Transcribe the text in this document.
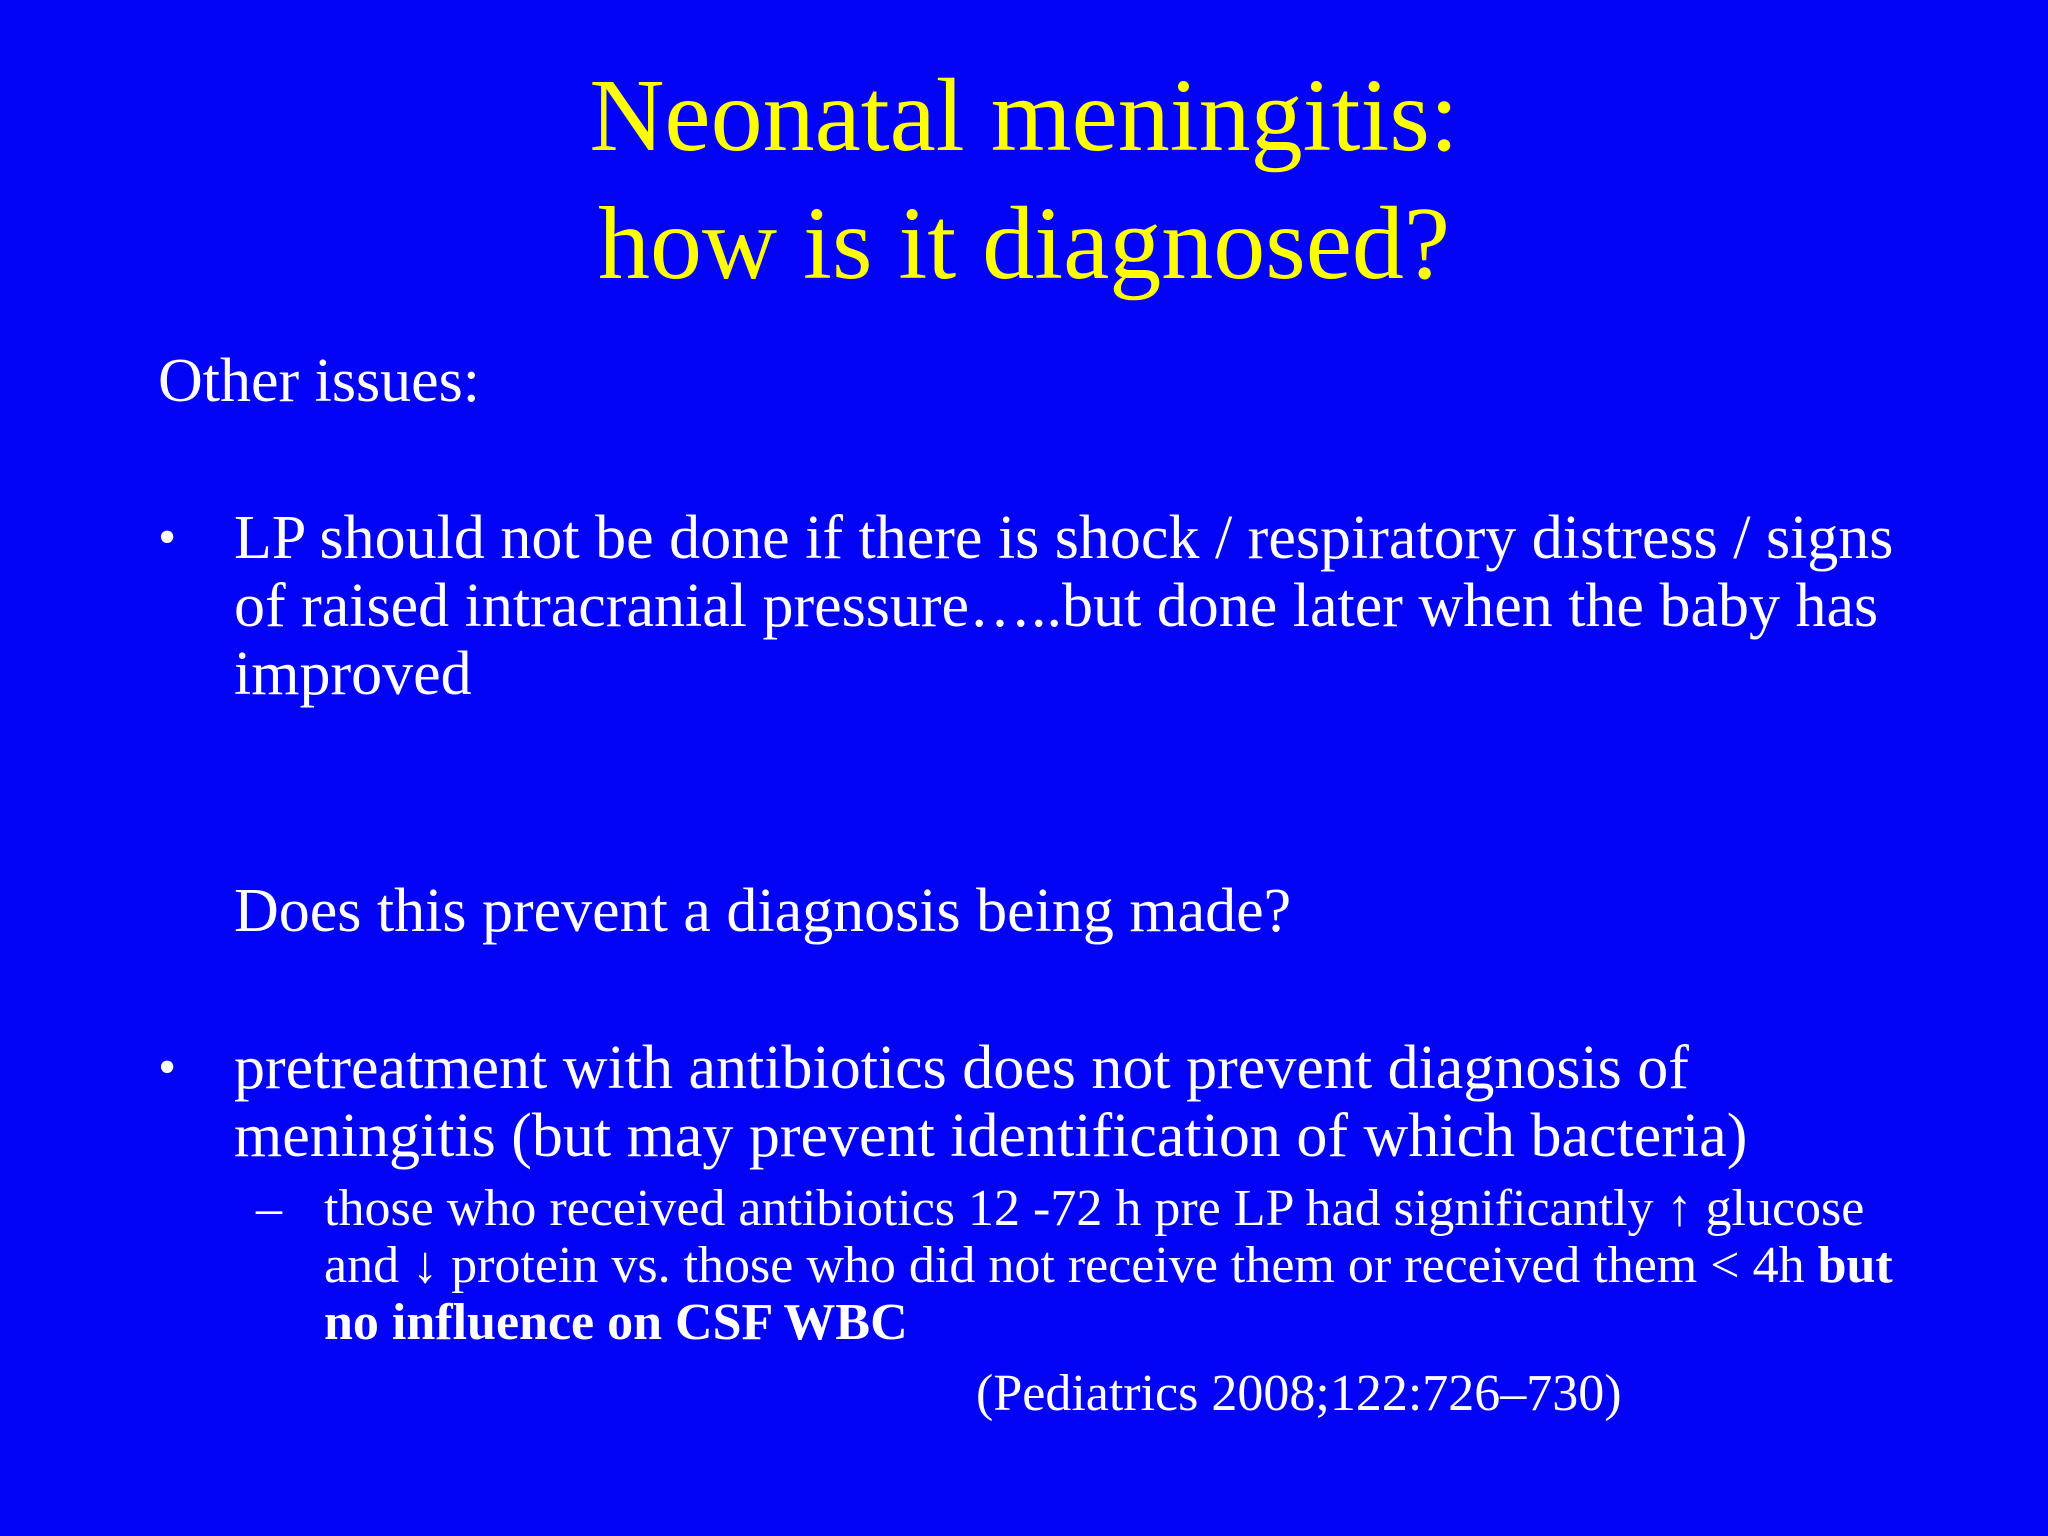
Neonatal meningitis:
how is it diagnosed?
Other issues:
• LP should not be done if there is shock / respiratory distress / signs of raised intracranial pressure…..but done later when the baby has improved
Does this prevent a diagnosis being made?
• pretreatment with antibiotics does not prevent diagnosis of meningitis (but may prevent identification of which bacteria)
– those who received antibiotics 12 -72 h pre LP had significantly ↑ glucose and ↓ protein vs. those who did not receive them or received them < 4h but no influence on CSF WBC
(Pediatrics 2008;122:726–730)
